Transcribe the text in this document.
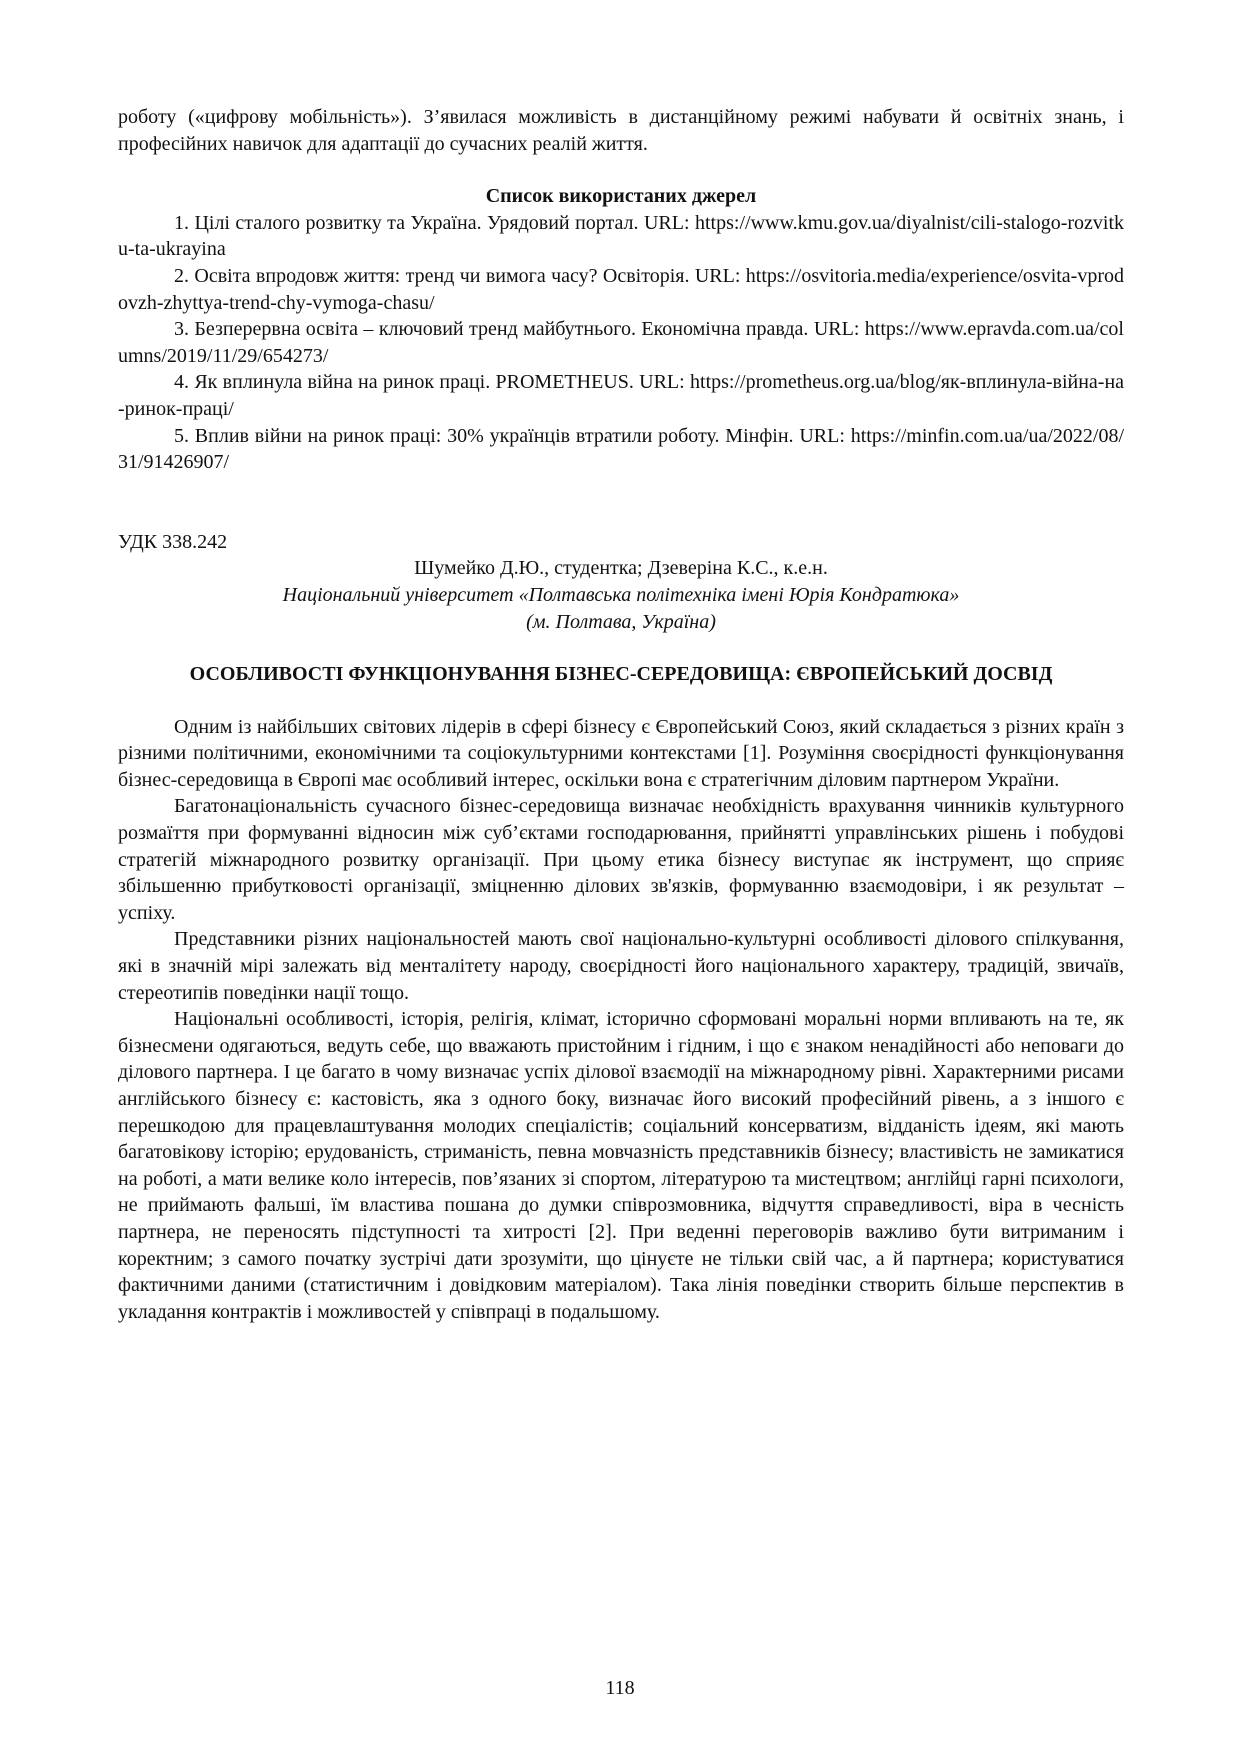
роботу («цифрову мобільність»). З’явилася можливість в дистанційному режимі набувати й освітніх знань, і професійних навичок для адаптації до сучасних реалій життя.

Список використаних джерел

1. Цілі сталого розвитку та Україна. Урядовий портал. URL: https://www.kmu.gov.ua/diyalnist/cili-stalogo-rozvitku-ta-ukrayina

2. Освіта впродовж життя: тренд чи вимога часу? Освіторія. URL: https://osvitoria.media/experience/osvita-vprodovzh-zhyttya-trend-chy-vymoga-chasu/

3. Безперервна освіта – ключовий тренд майбутнього. Економічна правда. URL: https://www.epravda.com.ua/columns/2019/11/29/654273/

4. Як вплинула війна на ринок праці. PROMETHEUS. URL: https://prometheus.org.ua/blog/як-вплинула-війна-на-ринок-праці/

5. Вплив війни на ринок праці: 30% українців втратили роботу. Мінфін. URL: https://minfin.com.ua/ua/2022/08/31/91426907/

УДК 338.242

Шумейко Д.Ю., студентка; Дзеверіна К.С., к.е.н.

Національний університет «Полтавська політехніка імені Юрія Кондратюка»

(м. Полтава, Україна)

ОСОБЛИВОСТІ ФУНКЦІОНУВАННЯ БІЗНЕС-СЕРЕДОВИЩА: ЄВРОПЕЙСЬКИЙ ДОСВІД

Одним із найбільших світових лідерів в сфері бізнесу є Європейський Союз, який складається з різних країн з різними політичними, економічними та соціокультурними контекстами [1]. Розуміння своєрідності функціонування бізнес-середовища в Європі має особливий інтерес, оскільки вона є стратегічним діловим партнером України.

Багатонаціональність сучасного бізнес-середовища визначає необхідність врахування чинників культурного розмаїття при формуванні відносин між суб’єктами господарювання, прийнятті управлінських рішень і побудові стратегій міжнародного розвитку організації. При цьому етика бізнесу виступає як інструмент, що сприяє збільшенню прибутковості організації, зміцненню ділових зв'язків, формуванню взаємодовіри, і як результат – успіху.

Представники різних національностей мають свої національно-культурні особливості ділового спілкування, які в значній мірі залежать від менталітету народу, своєрідності його національного характеру, традицій, звичаїв, стереотипів поведінки нації тощо.

Національні особливості, історія, релігія, клімат, історично сформовані моральні норми впливають на те, як бізнесмени одягаються, ведуть себе, що вважають пристойним і гідним, і що є знаком ненадійності або неповаги до ділового партнера. І це багато в чому визначає успіх ділової взаємодії на міжнародному рівні. Характерними рисами англійського бізнесу є: кастовість, яка з одного боку, визначає його високий професійний рівень, а з іншого є перешкодою для працевлаштування молодих спеціалістів; соціальний консерватизм, відданість ідеям, які мають багатовікову історію; ерудованість, стриманість, певна мовчазність представників бізнесу; властивість не замикатися на роботі, а мати велике коло інтересів, пов’язаних зі спортом, літературою та мистецтвом; англійці гарні психологи, не приймають фальші, їм властива пошана до думки співрозмовника, відчуття справедливості, віра в чесність партнера, не переносять підступності та хитрості [2]. При веденні переговорів важливо бути витриманим і коректним; з самого початку зустрічі дати зрозуміти, що цінуєте не тільки свій час, а й партнера; користуватися фактичними даними (статистичним і довідковим матеріалом). Така лінія поведінки створить більше перспектив в укладання контрактів і можливостей у співпраці в подальшому.

118
